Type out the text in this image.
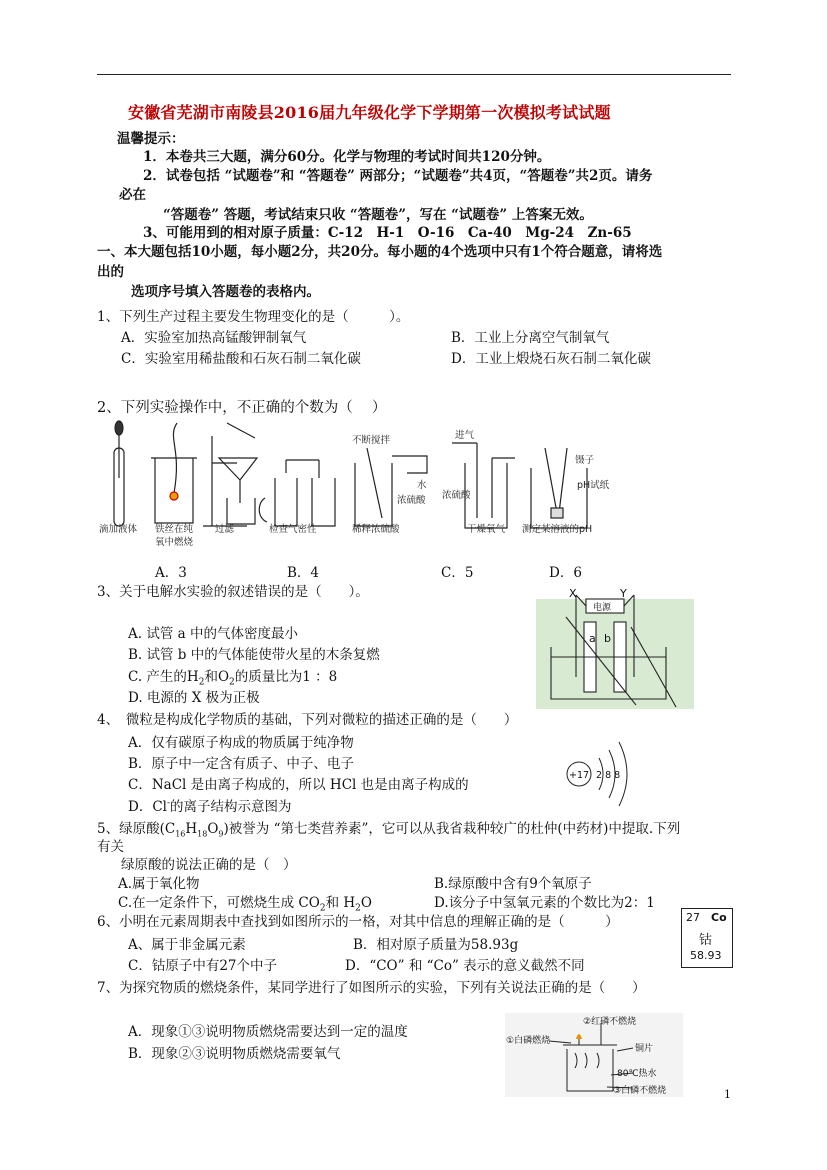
安徽省芜湖市南陵县2016届九年级化学下学期第一次模拟考试试题
温馨提示：
1．本卷共三大题，满分60分。化学与物理的考试时间共120分钟。
2．试卷包括 “试题卷”和 “答题卷” 两部分；“试题卷”共4页，“答题卷”共2页。请务
必在
“答题卷” 答题，考试结束只收 “答题卷”，写在 “试题卷” 上答案无效。
3、可能用到的相对原子质量：C-12　H-1　O-16　Ca-40　Mg-24　Zn-65
一、本大题包括10小题，每小题2分，共20分。每小题的4个选项中只有1个符合题意，请将选
出的
选项序号填入答题卷的表格内。
1、下列生产过程主要发生物理变化的是（　　　）。
A．实验室加热高锰酸钾制氧气	B．工业上分离空气制氧气
C．实验室用稀盐酸和石灰石制二氧化碳	D．工业上煅烧石灰石制二氧化碳
2、下列实验操作中，不正确的个数为（　 ）
不断搅拌
水
浓硫酸
进气
浓硫酸
镊子
pH试纸
滴加液体 铁丝在纯
氧中燃烧
过滤	检查气密性	稀释浓硫酸	干燥氧气 测定某溶液的pH
A．3	B．4	C．5	D．6
3、关于电解水实验的叙述错误的是（　　）。
A. 试管 a 中的气体密度最小
B. 试管 b 中的气体能使带火星的木条复燃
C. 产生的$H_2$和$O_2$的质量比为1 ：8
D. 电源的 X 极为正极
X	Y
电源
a b
4、　微粒是构成化学物质的基础，下列对微粒的描述正确的是（　　）
A．仅有碳原子构成的物质属于纯净物
B．原子中一定含有质子、中子、电子
C．NaCl 是由离子构成的，所以 HCl 也是由离子构成的
D．Cl-的离子结构示意图为
+17 2 8 8
5、绿原酸$(C_{16}H_{18}O_9)$被誉为 “第七类营养素”，它可以从我省栽种较广的杜仲(中药材)中提取.下列
有关
绿原酸的说法正确的是（　）
A.属于氧化物	B.绿原酸中含有9个氧原子
C.在一定条件下，可燃烧生成 $CO_2$和 $H_2O$	D.该分子中氢氧元素的个数比为2：1
6、小明在元素周期表中查找到如图所示的一格，对其中信息的理解正确的是（　　　）
A、属于非金属元素	B．相对原子质量为58.93g
C．钴原子中有27个中子	D．“CO” 和 “Co” 表示的意义截然不同
27 Co
钴
58.93
7、为探究物质的燃烧条件，某同学进行了如图所示的实验，下列有关说法正确的是（　　）
A．现象①③说明物质燃烧需要达到一定的温度
B．现象②③说明物质燃烧需要氧气
②红磷不燃烧
①白磷燃烧
铜片
80℃热水
③白磷不燃烧	1
